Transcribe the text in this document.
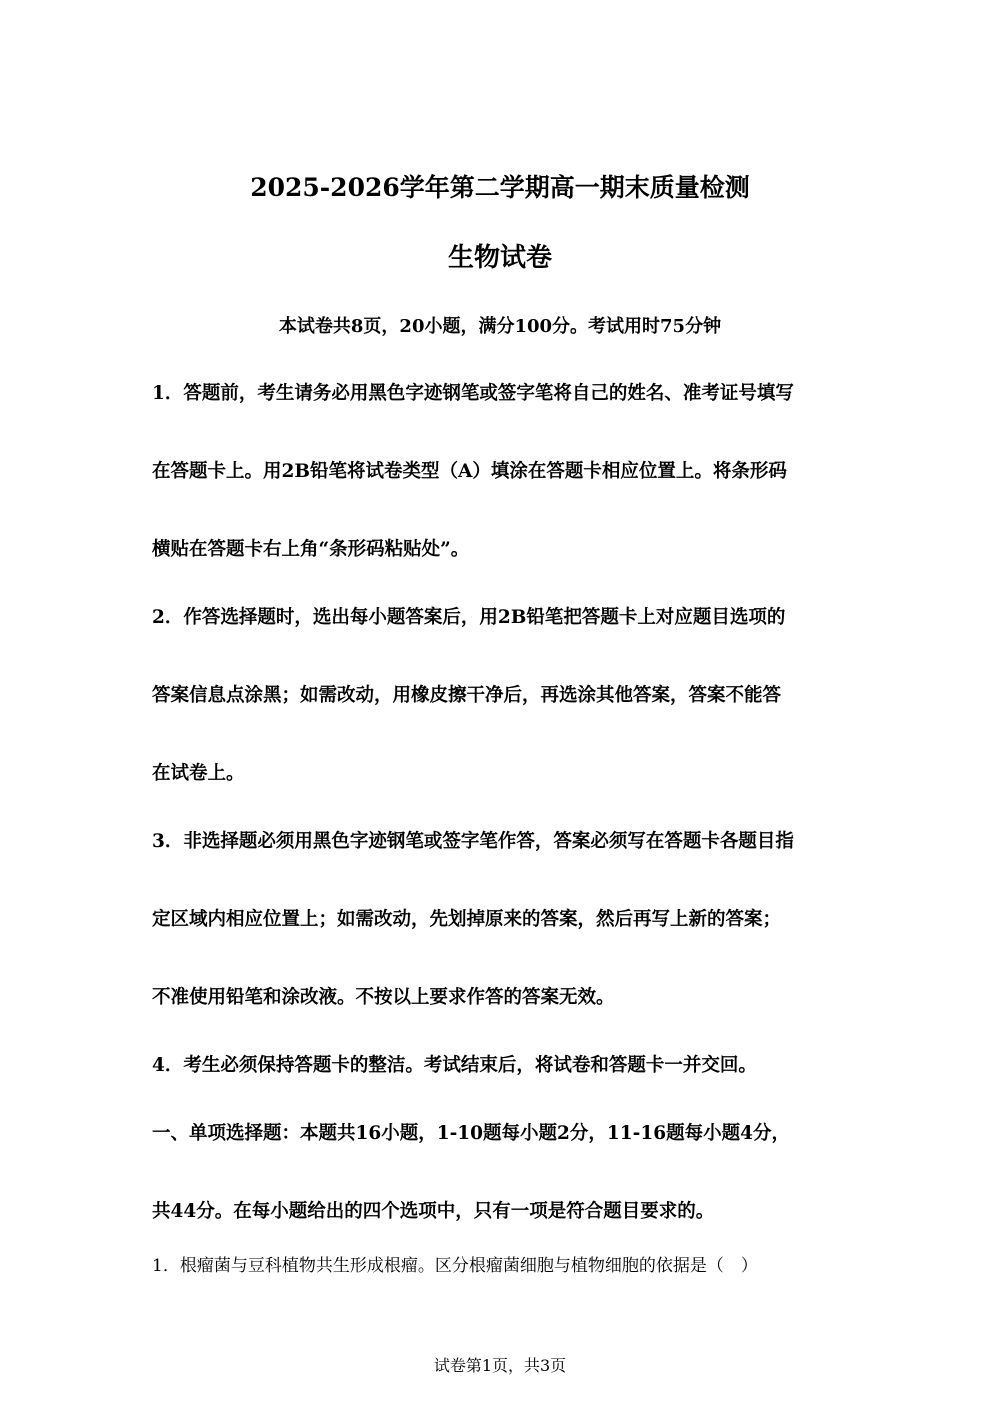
2025-2026学年第二学期高一期末质量检测
生物试卷
本试卷共8页，20小题，满分100分。考试用时75分钟
1．答题前，考生请务必用黑色字迹钢笔或签字笔将自己的姓名、准考证号填写
在答题卡上。用2B铅笔将试卷类型（A）填涂在答题卡相应位置上。将条形码
横贴在答题卡右上角“条形码粘贴处”。
2．作答选择题时，选出每小题答案后，用2B铅笔把答题卡上对应题目选项的
答案信息点涂黑；如需改动，用橡皮擦干净后，再选涂其他答案，答案不能答
在试卷上。
3．非选择题必须用黑色字迹钢笔或签字笔作答，答案必须写在答题卡各题目指
定区域内相应位置上；如需改动，先划掉原来的答案，然后再写上新的答案；
不准使用铅笔和涂改液。不按以上要求作答的答案无效。
4．考生必须保持答题卡的整洁。考试结束后，将试卷和答题卡一并交回。
一、单项选择题：本题共16小题，1-10题每小题2分，11-16题每小题4分，
共44分。在每小题给出的四个选项中，只有一项是符合题目要求的。
1．根瘤菌与豆科植物共生形成根瘤。区分根瘤菌细胞与植物细胞的依据是（　）
试卷第1页，共3页
